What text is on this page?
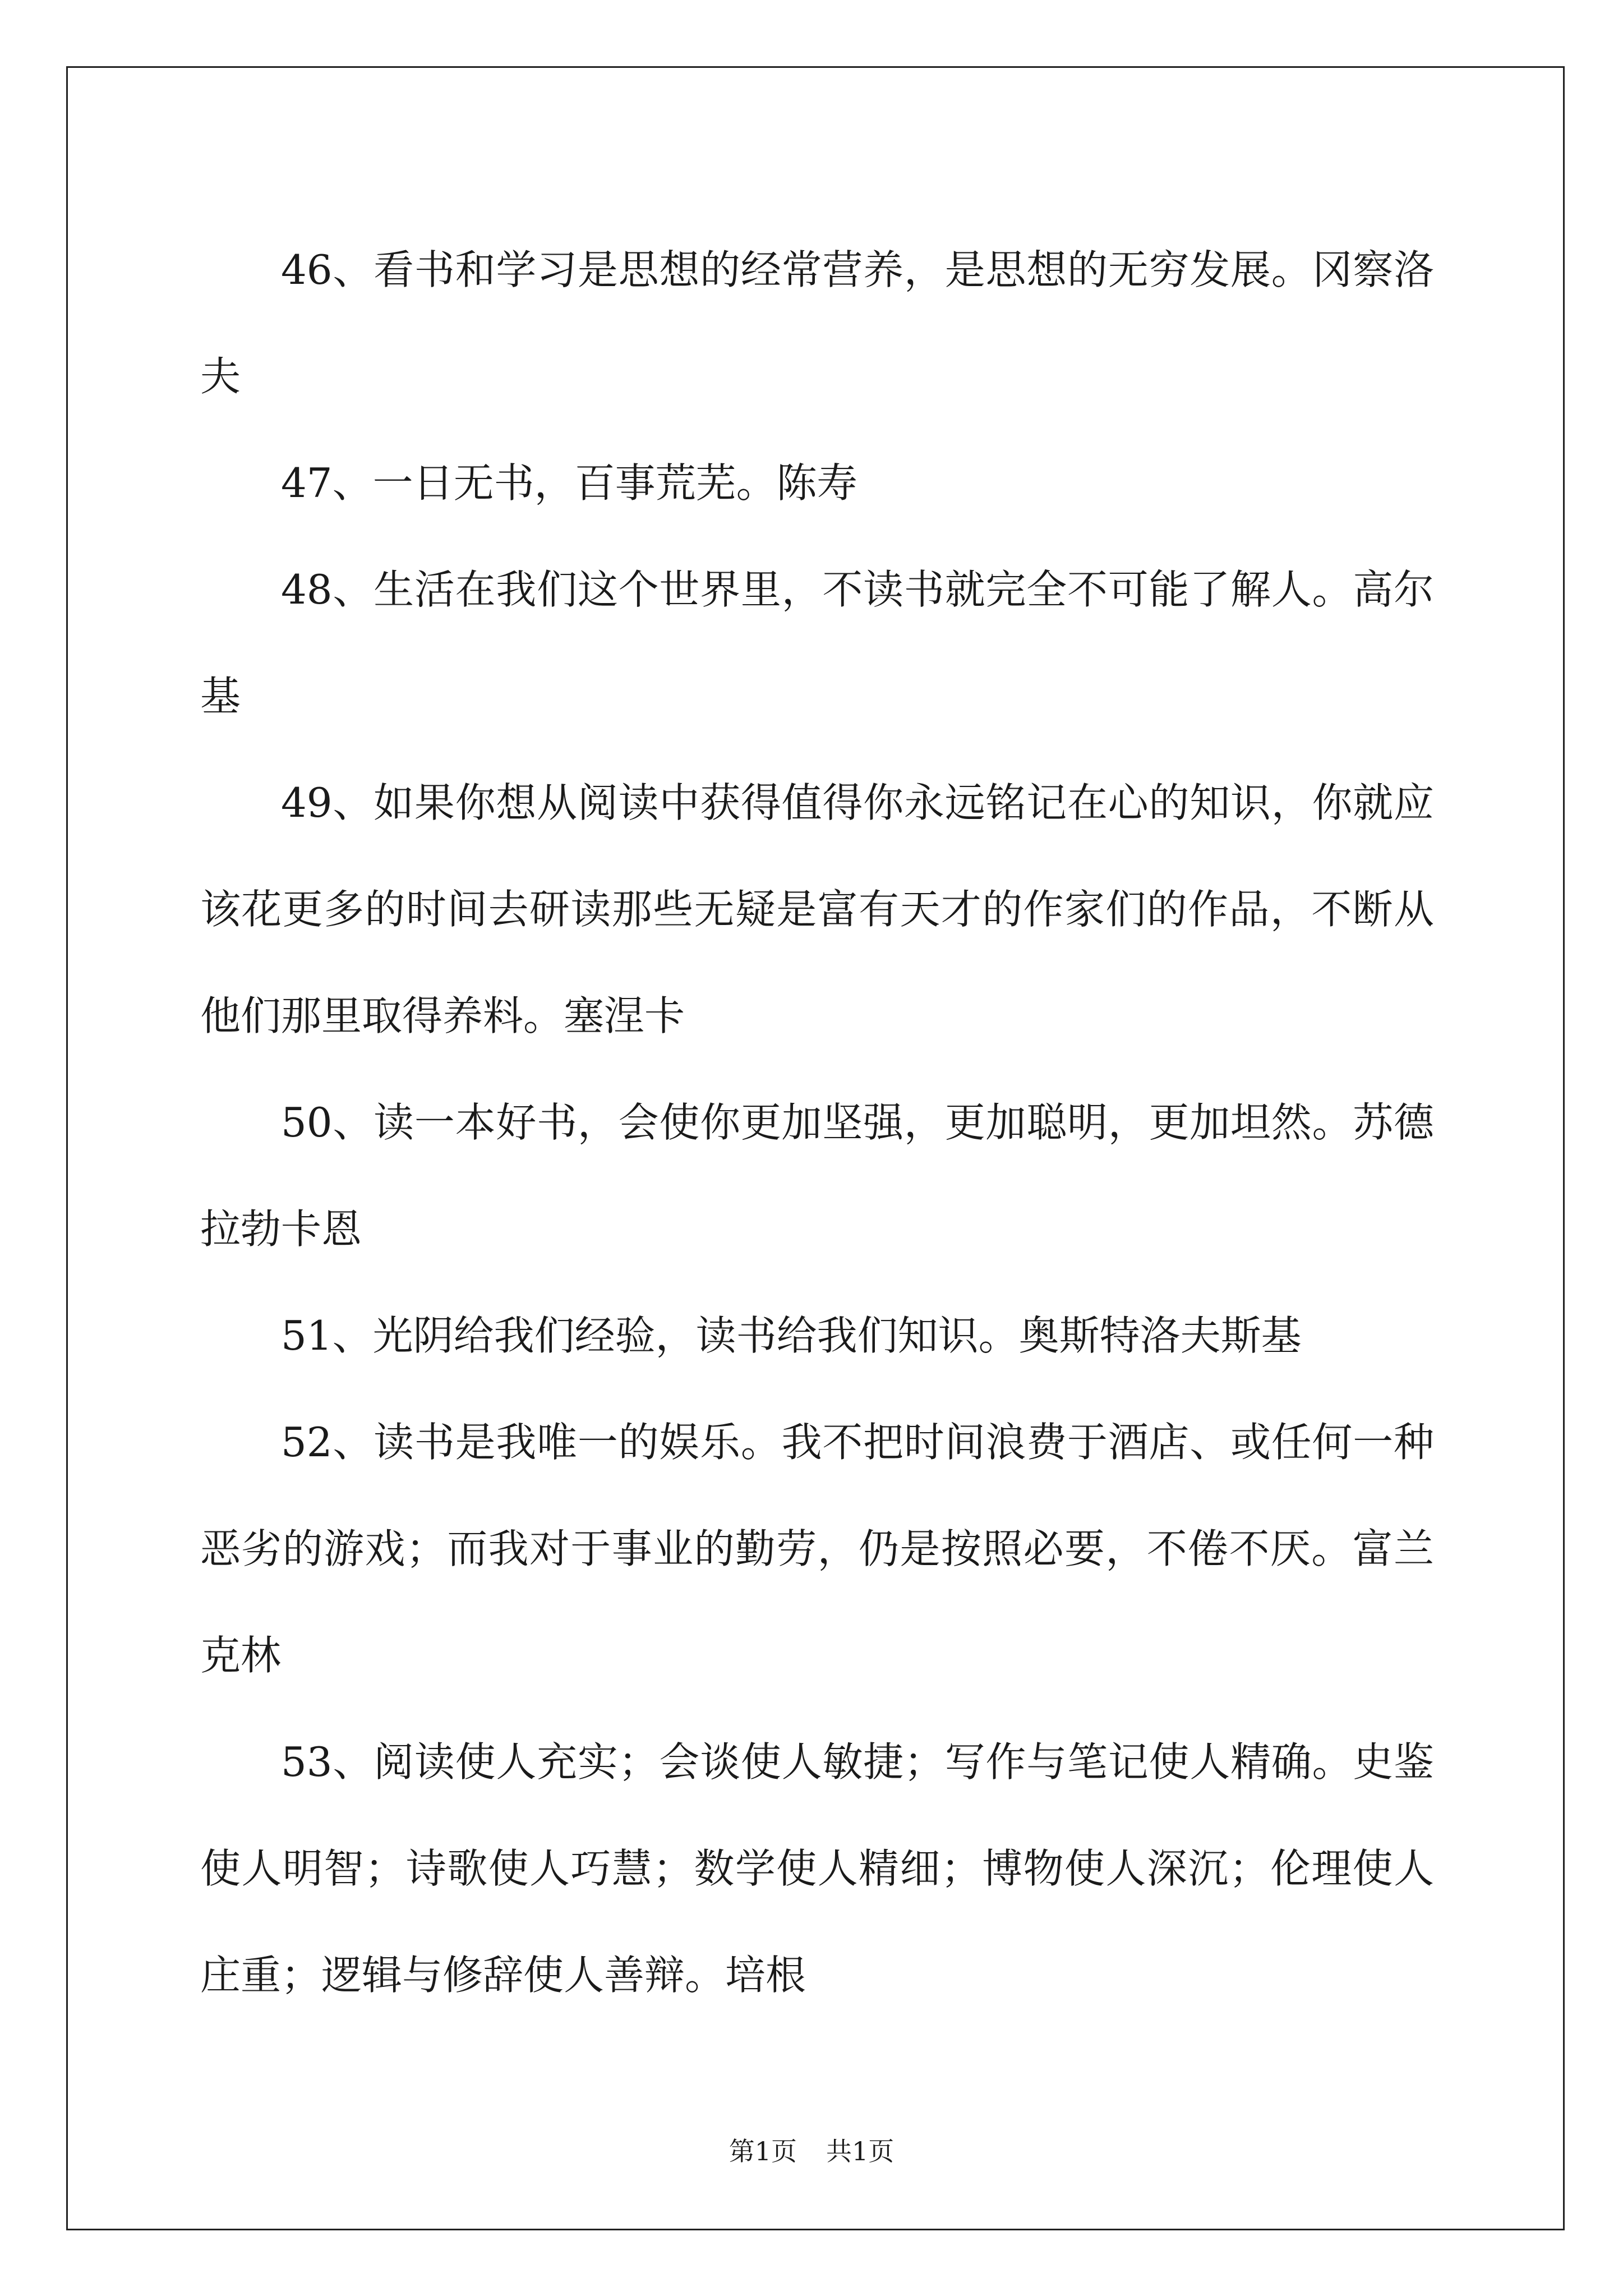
46、看书和学习是思想的经常营养，是思想的无穷发展。冈察洛夫

47、一日无书，百事荒芜。陈寿

48、生活在我们这个世界里，不读书就完全不可能了解人。高尔基

49、如果你想从阅读中获得值得你永远铭记在心的知识，你就应该花更多的时间去研读那些无疑是富有天才的作家们的作品，不断从他们那里取得养料。塞涅卡

50、读一本好书，会使你更加坚强，更加聪明，更加坦然。苏德拉勃卡恩

51、光阴给我们经验，读书给我们知识。奥斯特洛夫斯基

52、读书是我唯一的娱乐。我不把时间浪费于酒店、或任何一种恶劣的游戏；而我对于事业的勤劳，仍是按照必要，不倦不厌。富兰克林

53、阅读使人充实；会谈使人敏捷；写作与笔记使人精确。史鉴使人明智；诗歌使人巧慧；数学使人精细；博物使人深沉；伦理使人庄重；逻辑与修辞使人善辩。培根

第1页 共1页
